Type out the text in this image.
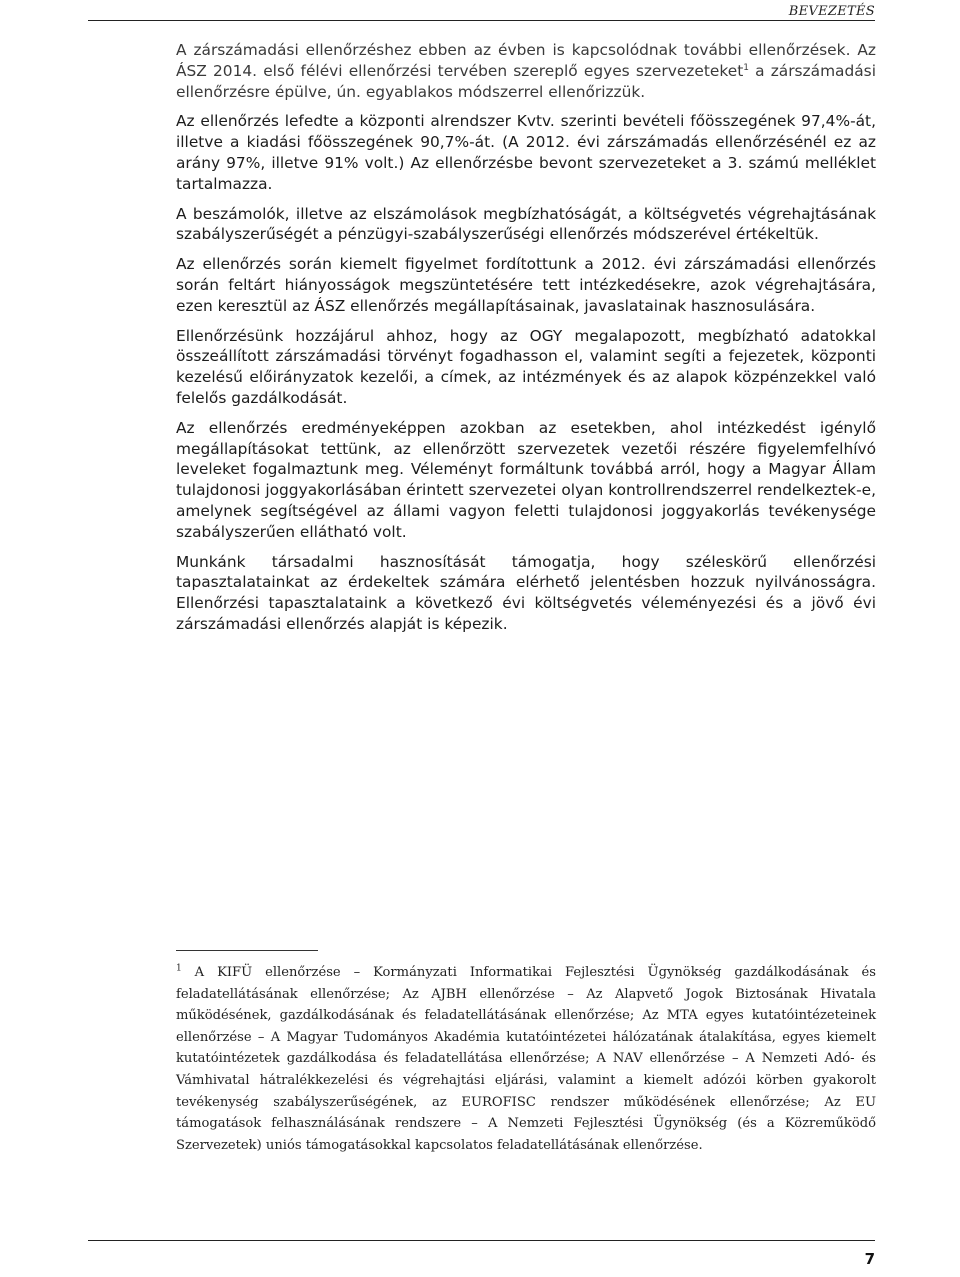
BEVEZETÉS

A zárszámadási ellenőrzéshez ebben az évben is kapcsolódnak további ellenőrzések. Az ÁSZ 2014. első félévi ellenőrzési tervében szereplő egyes szervezeteket$^1$ a zárszámadási ellenőrzésre épülve, ún. egyablakos módszerrel ellenőrizzük.

Az ellenőrzés lefedte a központi alrendszer Kvtv. szerinti bevételi főösszegének 97,4%-át, illetve a kiadási főösszegének 90,7%-át. (A 2012. évi zárszámadás ellenőrzésénél ez az arány 97%, illetve 91% volt.) Az ellenőrzésbe bevont szervezeteket a 3. számú melléklet tartalmazza.

A beszámolók, illetve az elszámolások megbízhatóságát, a költségvetés végrehajtásának szabályszerűségét a pénzügyi-szabályszerűségi ellenőrzés módszerével értékeltük.

Az ellenőrzés során kiemelt figyelmet fordítottunk a 2012. évi zárszámadási ellenőrzés során feltárt hiányosságok megszüntetésére tett intézkedésekre, azok végrehajtására, ezen keresztül az ÁSZ ellenőrzés megállapításainak, javaslatainak hasznosulására.

Ellenőrzésünk hozzájárul ahhoz, hogy az OGY megalapozott, megbízható adatokkal összeállított zárszámadási törvényt fogadhasson el, valamint segíti a fejezetek, központi kezelésű előirányzatok kezelői, a címek, az intézmények és az alapok közpénzekkel való felelős gazdálkodását.

Az ellenőrzés eredményeképpen azokban az esetekben, ahol intézkedést igénylő megállapításokat tettünk, az ellenőrzött szervezetek vezetői részére figyelemfelhívó leveleket fogalmaztunk meg. Véleményt formáltunk továbbá arról, hogy a Magyar Állam tulajdonosi joggyakorlásában érintett szervezetei olyan kontrollrendszerrel rendelkeztek-e, amelynek segítségével az állami vagyon feletti tulajdonosi joggyakorlás tevékenysége szabályszerűen ellátható volt.

Munkánk társadalmi hasznosítását támogatja, hogy széleskörű ellenőrzési tapasztalatainkat az érdekeltek számára elérhető jelentésben hozzuk nyilvánosságra. Ellenőrzési tapasztalataink a következő évi költségvetés véleményezési és a jövő évi zárszámadási ellenőrzés alapját is képezik.

$^1$ A KIFÜ ellenőrzése – Kormányzati Informatikai Fejlesztési Ügynökség gazdálkodásának és feladatellátásának ellenőrzése; Az AJBH ellenőrzése – Az Alapvető Jogok Biztosának Hivatala működésének, gazdálkodásának és feladatellátásának ellenőrzése; Az MTA egyes kutatóintézeteinek ellenőrzése – A Magyar Tudományos Akadémia kutatóintézetei hálózatának átalakítása, egyes kiemelt kutatóintézetek gazdálkodása és feladatellátása ellenőrzése; A NAV ellenőrzése – A Nemzeti Adó- és Vámhivatal hátralékkezelési és végrehajtási eljárási, valamint a kiemelt adózói körben gyakorolt tevékenység szabályszerűségének, az EUROFISC rendszer működésének ellenőrzése; Az EU támogatások felhasználásának rendszere – A Nemzeti Fejlesztési Ügynökség (és a Közreműködő Szervezetek) uniós támogatásokkal kapcsolatos feladatellátásának ellenőrzése.

7
